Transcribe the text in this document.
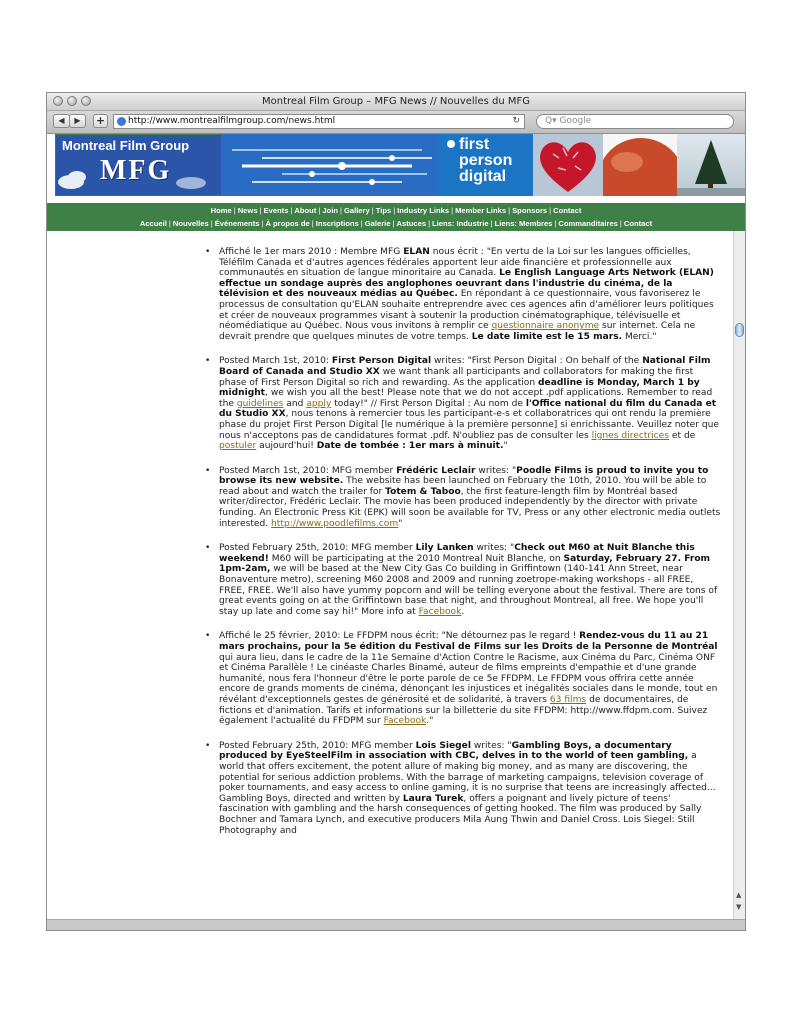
Montreal Film Group – MFG News // Nouvelles du MFG
◀	▶	+	http://www.montrealfilmgroup.com/news.html	↻	Q▾ Google
Montreal Film Group
MFG
first
person
digital
Home | News | Events | About | Join | Gallery | Tips | Industry Links | Member Links | Sponsors | Contact
Accueil | Nouvelles | Événements | À propos de | Inscriptions | Galerie | Astuces | Liens: Industrie | Liens: Membres | Commanditaires | Contact
• Affiché le 1er mars 2010 : Membre MFG ELAN nous écrit : "En vertu de la Loi sur les langues officielles, Téléfilm Canada et d'autres agences fédérales apportent leur aide financière et professionnelle aux communautés en situation de langue minoritaire au Canada. Le English Language Arts Network (ELAN) effectue un sondage auprès des anglophones oeuvrant dans l'industrie du cinéma, de la télévision et des nouveaux médias au Québec. En répondant à ce questionnaire, vous favoriserez le processus de consultation qu'ELAN souhaite entreprendre avec ces agences afin d'améliorer leurs politiques et créer de nouveaux programmes visant à soutenir la production cinématographique, télévisuelle et néomédiatique au Québec. Nous vous invitons à remplir ce questionnaire anonyme sur internet. Cela ne devrait prendre que quelques minutes de votre temps. Le date limite est le 15 mars. Merci."
• Posted March 1st, 2010: First Person Digital writes: "First Person Digital : On behalf of the National Film Board of Canada and Studio XX we want thank all participants and collaborators for making the first phase of First Person Digital so rich and rewarding. As the application deadline is Monday, March 1 by midnight, we wish you all the best! Please note that we do not accept .pdf applications. Remember to read the guidelines and apply today!" // First Person Digital : Au nom de l'Office national du film du Canada et du Studio XX, nous tenons à remercier tous les participant-e-s et collaboratrices qui ont rendu la première phase du projet First Person Digital [le numérique à la première personne] si enrichissante. Veuillez noter que nous n'acceptons pas de candidatures format .pdf. N'oubliez pas de consulter les lignes directrices et de postuler aujourd'hui! Date de tombée : 1er mars à minuit."
• Posted March 1st, 2010: MFG member Frédéric Leclair writes: "Poodle Films is proud to invite you to browse its new website. The website has been launched on February the 10th, 2010. You will be able to read about and watch the trailer for Totem & Taboo, the first feature-length film by Montréal based writer/director, Frédéric Leclair. The movie has been produced independently by the director with private funding. An Electronic Press Kit (EPK) will soon be available for TV, Press or any other electronic media outlets interested. http://www.poodlefilms.com"
• Posted February 25th, 2010: MFG member Lily Lanken writes: "Check out M60 at Nuit Blanche this weekend! M60 will be participating at the 2010 Montreal Nuit Blanche, on Saturday, February 27. From 1pm-2am, we will be based at the New City Gas Co building in Griffintown (140-141 Ann Street, near Bonaventure metro), screening M60 2008 and 2009 and running zoetrope-making workshops - all FREE, FREE, FREE. We'll also have yummy popcorn and will be telling everyone about the festival. There are tons of great events going on at the Griffintown base that night, and throughout Montreal, all free. We hope you'll stay up late and come say hi!" More info at Facebook.
• Affiché le 25 février, 2010: Le FFDPM nous écrit: "Ne détournez pas le regard ! Rendez-vous du 11 au 21 mars prochains, pour la 5e édition du Festival de Films sur les Droits de la Personne de Montréal qui aura lieu, dans le cadre de la 11e Semaine d'Action Contre le Racisme, aux Cinéma du Parc, Cinéma ONF et Cinéma Parallèle ! Le cinéaste Charles Binamé, auteur de films empreints d'empathie et d'une grande humanité, nous fera l'honneur d'être le porte parole de ce 5e FFDPM. Le FFDPM vous offrira cette année encore de grands moments de cinéma, dénonçant les injustices et inégalités sociales dans le monde, tout en révélant d'exceptionnels gestes de générosité et de solidarité, à travers 63 films de documentaires, de fictions et d'animation. Tarifs et informations sur la billetterie du site FFDPM: http://www.ffdpm.com. Suivez également l'actualité du FFDPM sur Facebook."
• Posted February 25th, 2010: MFG member Lois Siegel writes: "Gambling Boys, a documentary produced by EyeSteelFilm in association with CBC, delves in to the world of teen gambling, a world that offers excitement, the potent allure of making big money, and as many are discovering, the potential for serious addiction problems. With the barrage of marketing campaigns, television coverage of poker tournaments, and easy access to online gaming, it is no surprise that teens are increasingly affected... Gambling Boys, directed and written by Laura Turek, offers a poignant and lively picture of teens' fascination with gambling and the harsh consequences of getting hooked. The film was produced by Sally Bochner and Tamara Lynch, and executive producers Mila Aung Thwin and Daniel Cross. Lois Siegel: Still Photography and
▲
▼
